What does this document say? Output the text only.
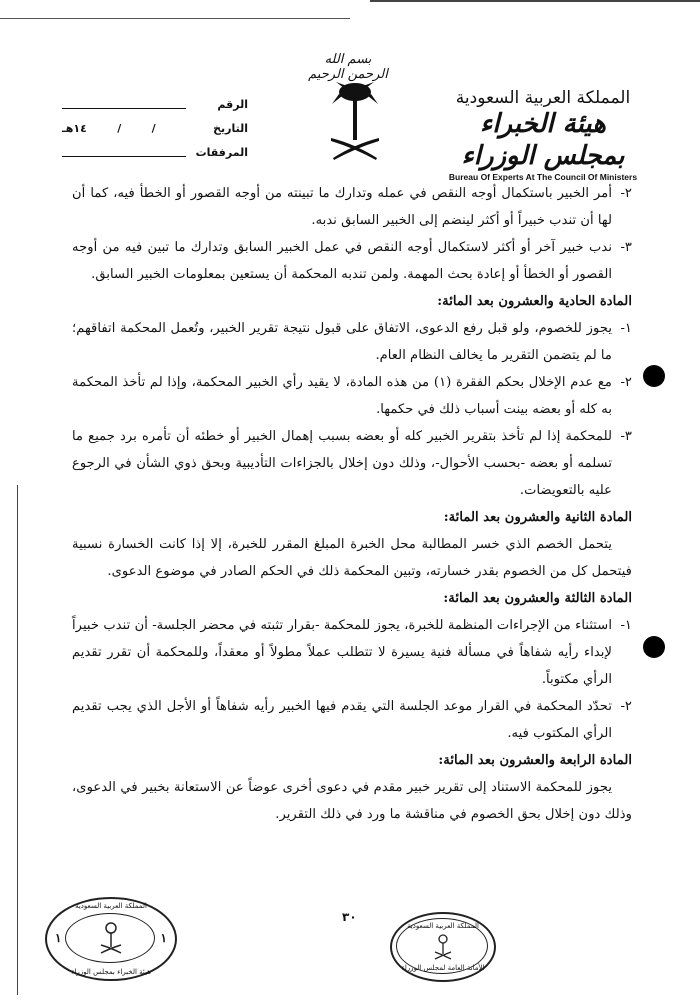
بسم الله الرحمن الرحيم
المملكة العربية السعودية
هيئة الخبراء بمجلس الوزراء
Bureau Of Experts At The Council Of Ministers
الرقم
التاريخ
١٤هـ	/	/
المرفقات

٢-
أمر الخبير باستكمال أوجه النقص في عمله وتدارك ما تبينته من أوجه القصور أو الخطأ فيه، كما أن لها أن تندب خبيراً أو أكثر لينضم إلى الخبير السابق ندبه.

٣-
ندب خبير آخر أو أكثر لاستكمال أوجه النقص في عمل الخبير السابق وتدارك ما تبين فيه من أوجه القصور أو الخطأ أو إعادة بحث المهمة. ولمن تندبه المحكمة أن يستعين بمعلومات الخبير السابق.

المادة الحادية والعشرون بعد المائة:

١-
يجوز للخصوم، ولو قبل رفع الدعوى، الاتفاق على قبول نتيجة تقرير الخبير، وتُعمل المحكمة اتفاقهم؛ ما لم يتضمن التقرير ما يخالف النظام العام.

٢-
مع عدم الإخلال بحكم الفقرة (١) من هذه المادة، لا يقيد رأي الخبير المحكمة، وإذا لم تأخذ المحكمة به كله أو بعضه بينت أسباب ذلك في حكمها.

٣-
للمحكمة إذا لم تأخذ بتقرير الخبير كله أو بعضه بسبب إهمال الخبير أو خطئه أن تأمره برد جميع ما تسلمه أو بعضه -بحسب الأحوال-، وذلك دون إخلال بالجزاءات التأديبية وبحق ذوي الشأن في الرجوع عليه بالتعويضات.

المادة الثانية والعشرون بعد المائة:

يتحمل الخصم الذي خسر المطالبة محل الخبرة المبلغ المقرر للخبرة، إلا إذا كانت الخسارة نسبية فيتحمل كل من الخصوم بقدر خسارته، وتبين المحكمة ذلك في الحكم الصادر في موضوع الدعوى.

المادة الثالثة والعشرون بعد المائة:

١-
استثناء من الإجراءات المنظمة للخبرة، يجوز للمحكمة -بقرار تثبته في محضر الجلسة- أن تندب خبيراً لإبداء رأيه شفاهاً في مسألة فنية يسيرة لا تتطلب عملاً مطولاً أو معقداً، وللمحكمة أن تقرر تقديم الرأي مكتوباً.

٢-
تحدّد المحكمة في القرار موعد الجلسة التي يقدم فيها الخبير رأيه شفاهاً أو الأجل الذي يجب تقديم الرأي المكتوب فيه.

المادة الرابعة والعشرون بعد المائة:

يجوز للمحكمة الاستناد إلى تقرير خبير مقدم في دعوى أخرى عوضاً عن الاستعانة بخبير في الدعوى، وذلك دون إخلال بحق الخصوم في مناقشة ما ورد في ذلك التقرير.

٣٠
المملكة العربية السعودية
هيئة الخبراء بمجلس الوزراء
١	١
المملكة العربية السعودية
الأمانة العامة لمجلس الوزراء
